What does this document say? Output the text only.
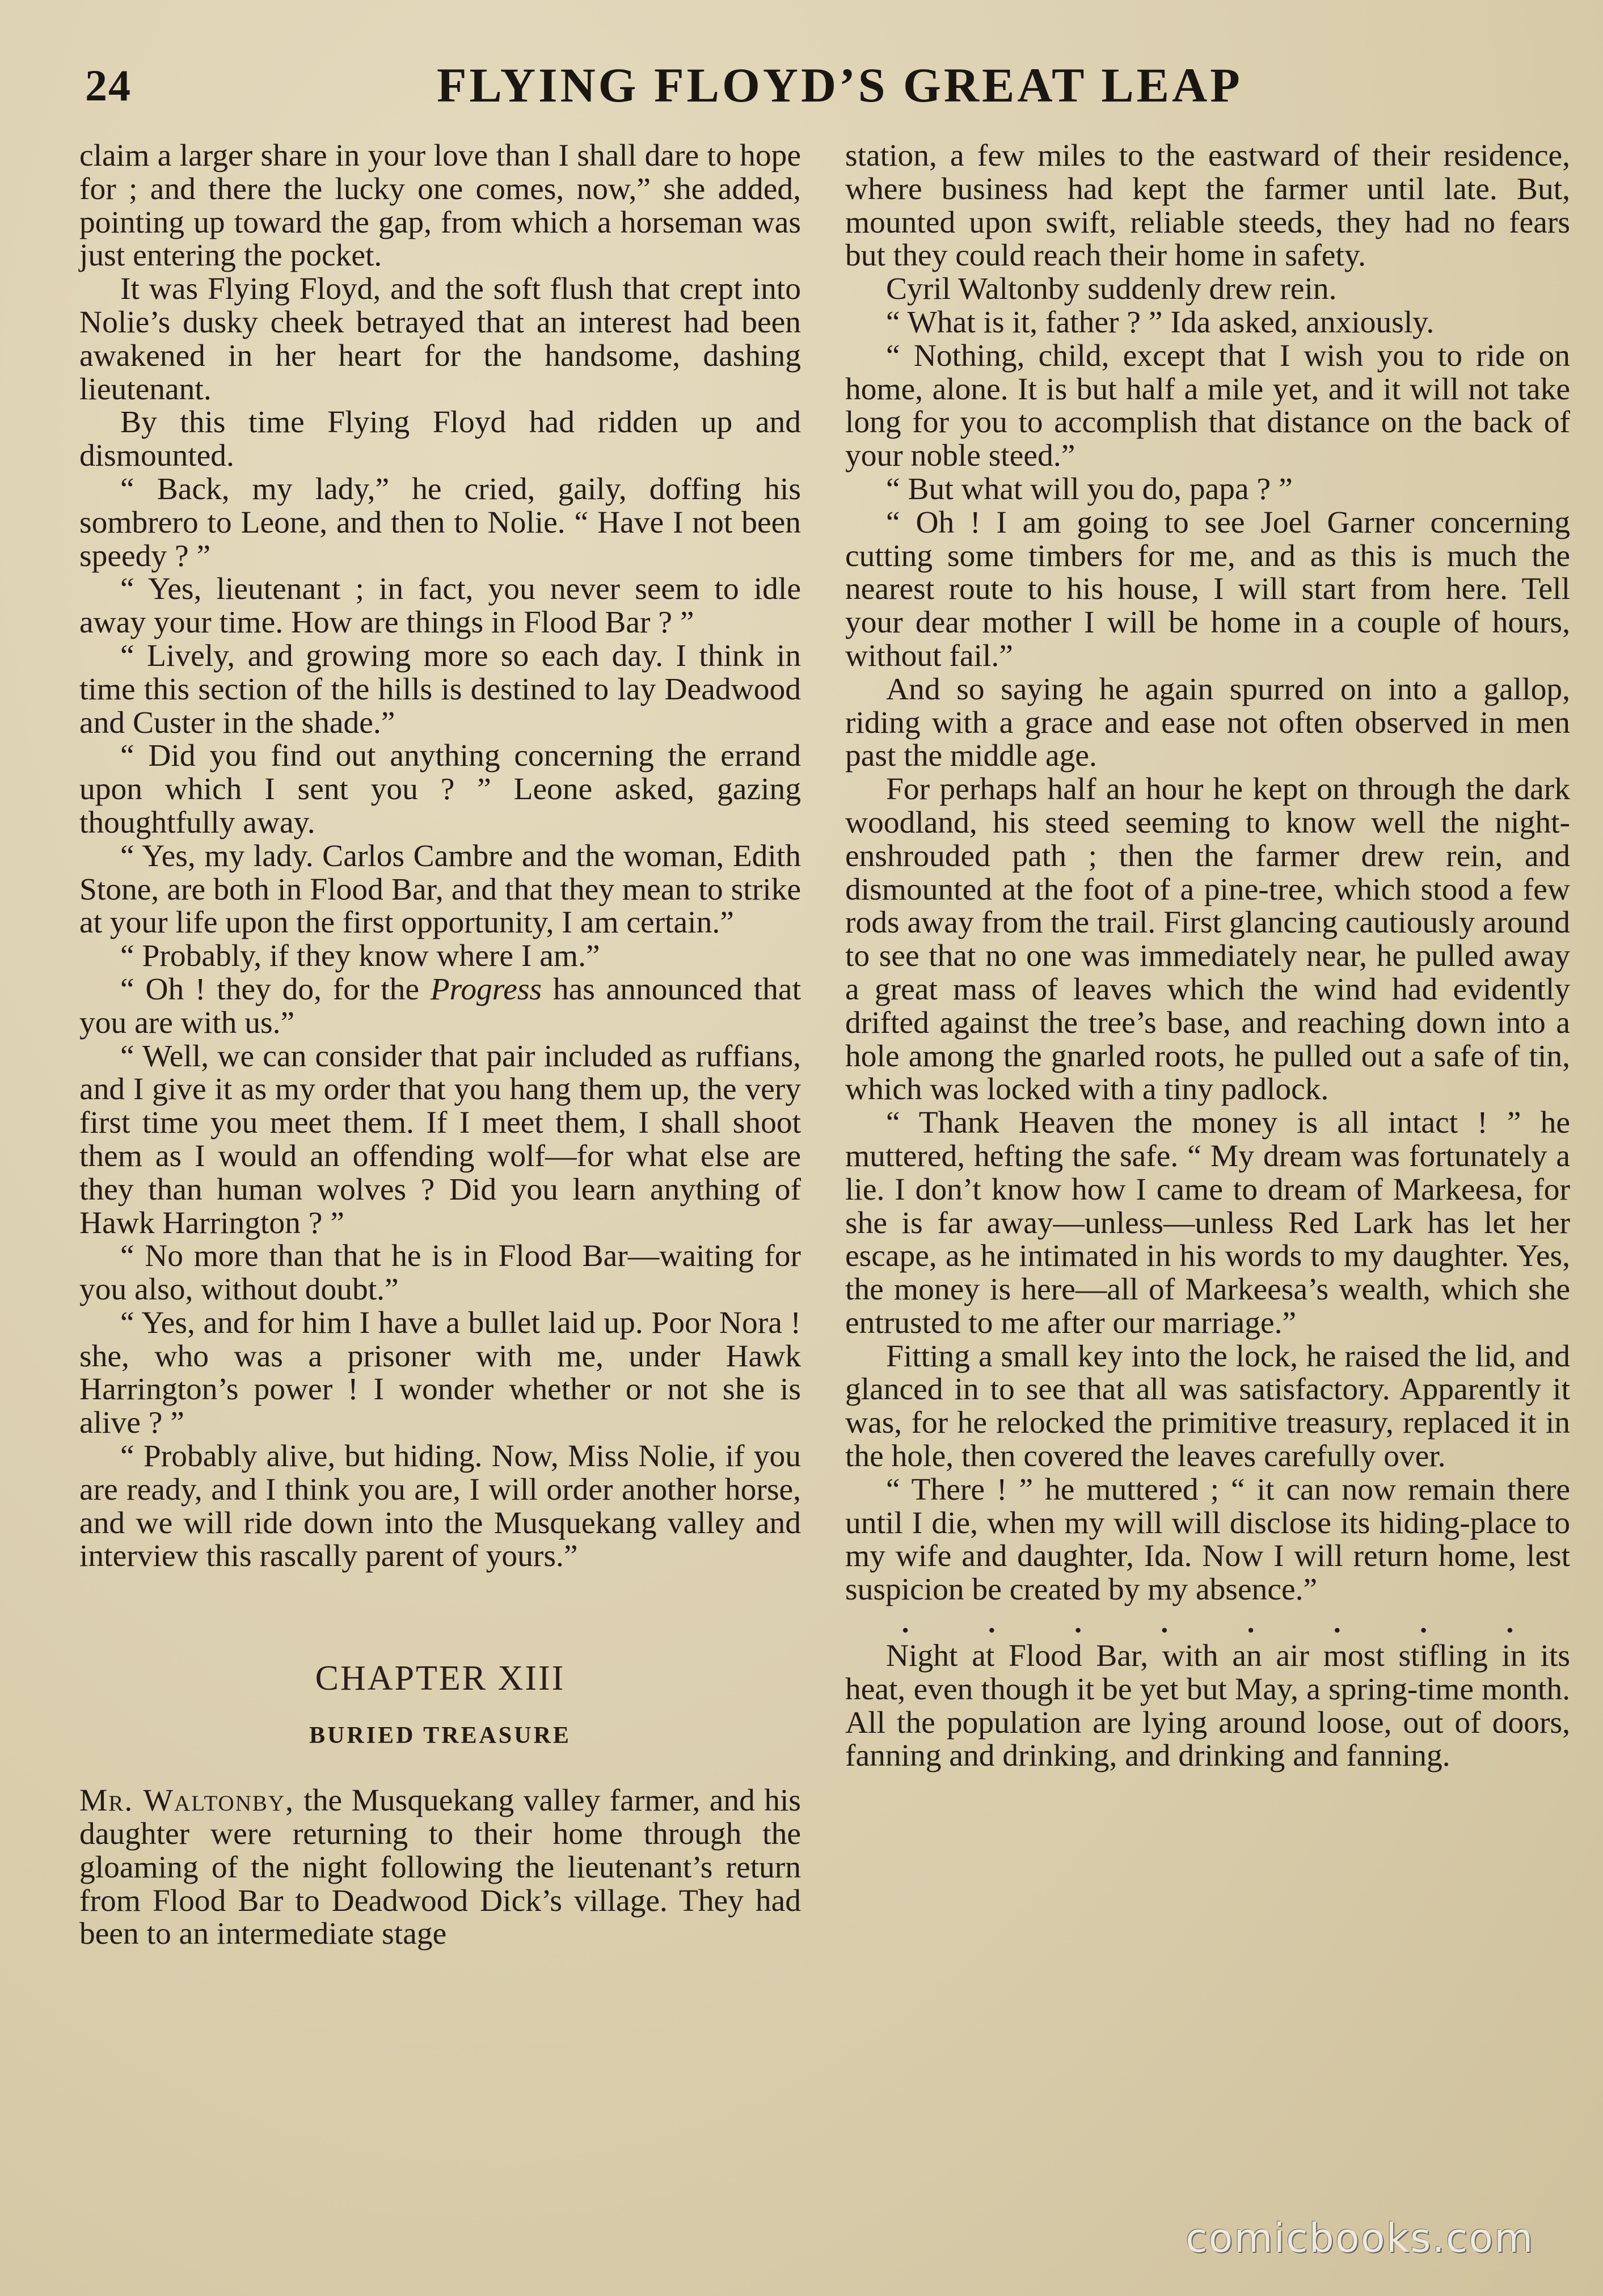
24	FLYING FLOYD’S GREAT LEAP

claim a larger share in your love than I shall dare to hope for ; and there the lucky one comes, now,” she added, pointing up toward the gap, from which a horseman was just entering the pocket.

It was Flying Floyd, and the soft flush that crept into Nolie’s dusky cheek betrayed that an interest had been awakened in her heart for the handsome, dashing lieutenant.

By this time Flying Floyd had ridden up and dismounted.

“ Back, my lady,” he cried, gaily, doffing his sombrero to Leone, and then to Nolie. “ Have I not been speedy ? ”

“ Yes, lieutenant ; in fact, you never seem to idle away your time. How are things in Flood Bar ? ”

“ Lively, and growing more so each day. I think in time this section of the hills is destined to lay Deadwood and Custer in the shade.”

“ Did you find out anything concerning the errand upon which I sent you ? ” Leone asked, gazing thoughtfully away.

“ Yes, my lady. Carlos Cambre and the woman, Edith Stone, are both in Flood Bar, and that they mean to strike at your life upon the first opportunity, I am certain.”

“ Probably, if they know where I am.”

“ Oh ! they do, for the Progress has announced that you are with us.”

“ Well, we can consider that pair included as ruffians, and I give it as my order that you hang them up, the very first time you meet them. If I meet them, I shall shoot them as I would an offending wolf—for what else are they than human wolves ? Did you learn anything of Hawk Harrington ? ”

“ No more than that he is in Flood Bar—waiting for you also, without doubt.”

“ Yes, and for him I have a bullet laid up. Poor Nora ! she, who was a prisoner with me, under Hawk Harrington’s power ! I wonder whether or not she is alive ? ”

“ Probably alive, but hiding. Now, Miss Nolie, if you are ready, and I think you are, I will order another horse, and we will ride down into the Musquekang valley and interview this rascally parent of yours.”

CHAPTER XIII
BURIED TREASURE

Mr. Waltonby, the Musquekang valley farmer, and his daughter were returning to their home through the gloaming of the night following the lieutenant’s return from Flood Bar to Deadwood Dick’s village. They had been to an intermediate stage

station, a few miles to the eastward of their residence, where business had kept the farmer until late. But, mounted upon swift, reliable steeds, they had no fears but they could reach their home in safety.

Cyril Waltonby suddenly drew rein.

“ What is it, father ? ” Ida asked, anxiously.

“ Nothing, child, except that I wish you to ride on home, alone. It is but half a mile yet, and it will not take long for you to accomplish that distance on the back of your noble steed.”

“ But what will you do, papa ? ”

“ Oh ! I am going to see Joel Garner concerning cutting some timbers for me, and as this is much the nearest route to his house, I will start from here. Tell your dear mother I will be home in a couple of hours, without fail.”

And so saying he again spurred on into a gallop, riding with a grace and ease not often observed in men past the middle age.

For perhaps half an hour he kept on through the dark woodland, his steed seeming to know well the night-enshrouded path ; then the farmer drew rein, and dismounted at the foot of a pine-tree, which stood a few rods away from the trail. First glancing cautiously around to see that no one was immediately near, he pulled away a great mass of leaves which the wind had evidently drifted against the tree’s base, and reaching down into a hole among the gnarled roots, he pulled out a safe of tin, which was locked with a tiny padlock.

“ Thank Heaven the money is all intact ! ” he muttered, hefting the safe. “ My dream was fortunately a lie. I don’t know how I came to dream of Markeesa, for she is far away—unless—unless Red Lark has let her escape, as he intimated in his words to my daughter. Yes, the money is here—all of Markeesa’s wealth, which she entrusted to me after our marriage.”

Fitting a small key into the lock, he raised the lid, and glanced in to see that all was satisfactory. Apparently it was, for he relocked the primitive treasury, replaced it in the hole, then covered the leaves carefully over.

“ There ! ” he muttered ; “ it can now remain there until I die, when my will will disclose its hiding-place to my wife and daughter, Ida. Now I will return home, lest suspicion be created by my absence.”

.	.	.	.	.	.	.	.

Night at Flood Bar, with an air most stifling in its heat, even though it be yet but May, a spring-time month. All the population are lying around loose, out of doors, fanning and drinking, and drinking and fanning.

comicbooks.com
